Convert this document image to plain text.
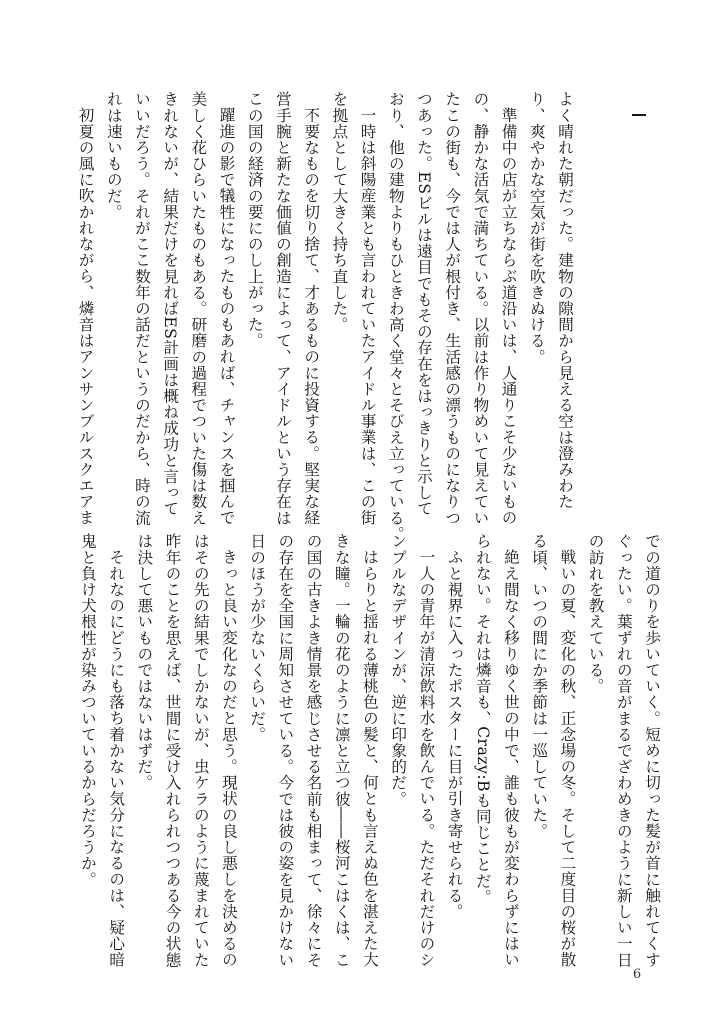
よく晴れた朝だった。建物の隙間から見える空は澄みわた
り、爽やかな空気が街を吹きぬける。
準備中の店が立ちならぶ道沿いは、人通りこそ少ないもの
の、静かな活気で満ちている。以前は作り物めいて見えてい
たこの街も、今では人が根付き、生活感の漂うものになりつ
つあった。ESビルは遠目でもその存在をはっきりと示して
おり、他の建物よりもひときわ高く堂々とそびえ立っている。
一時は斜陽産業とも言われていたアイドル事業は、この街
を拠点として大きく持ち直した。
不要なものを切り捨て、才あるものに投資する。堅実な経
営手腕と新たな価値の創造によって、アイドルという存在は
この国の経済の要にのし上がった。
躍進の影で犠牲になったものもあれば、チャンスを掴んで
美しく花ひらいたものもある。研磨の過程でついた傷は数え
きれないが、結果だけを見ればES計画は概ね成功と言って
いいだろう。それがここ数年の話だというのだから、時の流
れは速いものだ。
初夏の風に吹かれながら、燐音はアンサンブルスクエアま
での道のりを歩いていく。短めに切った髪が首に触れてくす
ぐったい。葉ずれの音がまるでざわめきのように新しい一日
の訪れを教えている。
戦いの夏、変化の秋、正念場の冬。そして二度目の桜が散
る頃、いつの間にか季節は一巡していた。
絶え間なく移りゆく世の中で、誰も彼もが変わらずにはい
られない。それは燐音も、Crazy:Bも同じことだ。
ふと視界に入ったポスターに目が引き寄せられる。
一人の青年が清涼飲料水を飲んでいる。ただそれだけのシ
ンプルなデザインが、逆に印象的だ。
はらりと揺れる薄桃色の髪と、何とも言えぬ色を湛えた大
きな瞳。一輪の花のように凛と立つ彼――桜河こはくは、こ
の国の古きよき情景を感じさせる名前も相まって、徐々にそ
の存在を全国に周知させている。今では彼の姿を見かけない
日のほうが少ないくらいだ。
きっと良い変化なのだと思う。現状の良し悪しを決めるの
はその先の結果でしかないが、虫ケラのように蔑まれていた
昨年のことを思えば、世間に受け入れられつつある今の状態
は決して悪いものではないはずだ。
それなのにどうにも落ち着かない気分になるのは、疑心暗
鬼と負け犬根性が染みついているからだろうか。
6
